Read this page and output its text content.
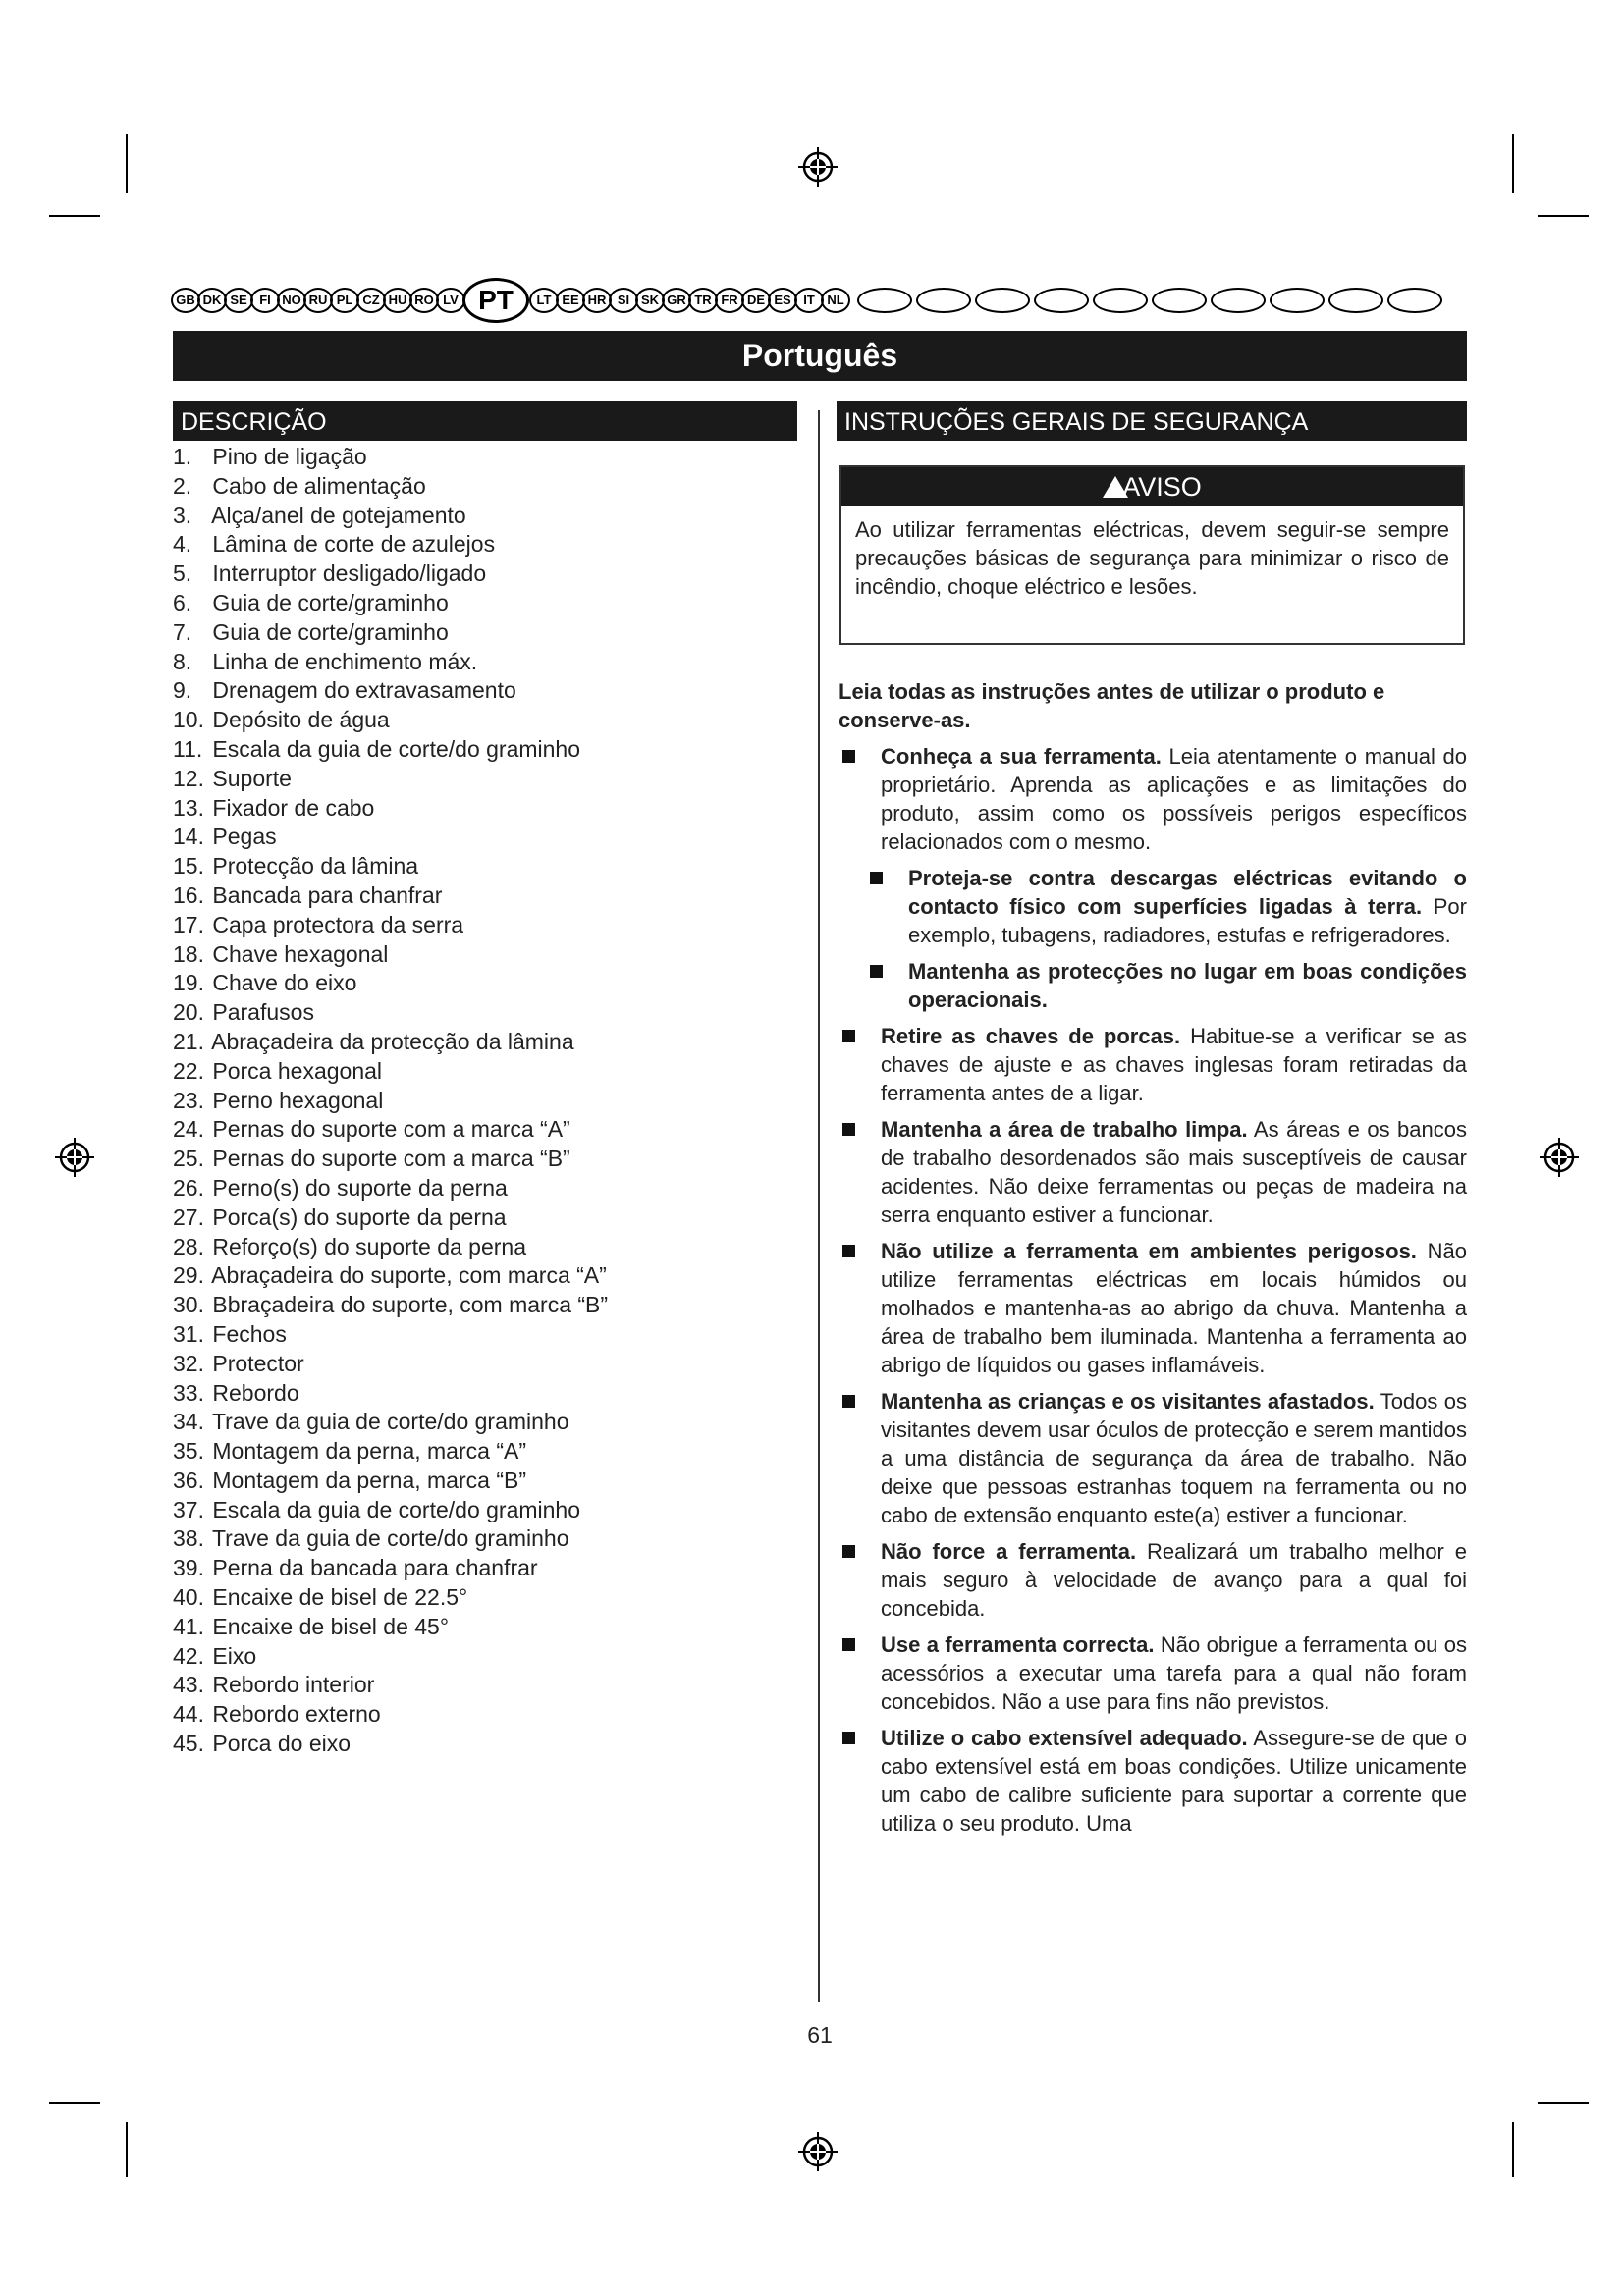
GB DK SE FI NO RU PL CZ HU RO LV PT	LT EE HR SI SK GR TR FR DE ES IT NL
Português
DESCRIÇÃO	INSTRUÇÕES GERAIS DE SEGURANÇA
1. Pino de ligação
2. Cabo de alimentação
3. Alça/anel de gotejamento
4. Lâmina de corte de azulejos
5. Interruptor desligado/ligado
6. Guia de corte/graminho
7. Guia de corte/graminho
8. Linha de enchimento máx.
9. Drenagem do extravasamento
10. Depósito de água
11. Escala da guia de corte/do graminho
12. Suporte
13. Fixador de cabo
14. Pegas
15. Protecção da lâmina
16. Bancada para chanfrar
17. Capa protectora da serra
18. Chave hexagonal
19. Chave do eixo
20. Parafusos
21. Abraçadeira da protecção da lâmina
22. Porca hexagonal
23. Perno hexagonal
24. Pernas do suporte com a marca “A”
25. Pernas do suporte com a marca “B”
26. Perno(s) do suporte da perna
27. Porca(s) do suporte da perna
28. Reforço(s) do suporte da perna
29. Abraçadeira do suporte, com marca “A”
30. Bbraçadeira do suporte, com marca “B”
31. Fechos
32. Protector
33. Rebordo
34. Trave da guia de corte/do graminho
35. Montagem da perna, marca “A”
36. Montagem da perna, marca “B”
37. Escala da guia de corte/do graminho
38. Trave da guia de corte/do graminho
39. Perna da bancada para chanfrar
40. Encaixe de bisel de 22.5°
41. Encaixe de bisel de 45°
42. Eixo
43. Rebordo interior
44. Rebordo externo
45. Porca do eixo
AVISO
Ao utilizar ferramentas eléctricas, devem seguir-se sempre precauções básicas de segurança para minimizar o risco de incêndio, choque eléctrico e lesões.

Leia todas as instruções antes de utilizar o produto e conserve-as.

Conheça a sua ferramenta. Leia atentamente o manual do proprietário. Aprenda as aplicações e as limitações do produto, assim como os possíveis perigos específicos relacionados com o mesmo.
Proteja-se contra descargas eléctricas evitando o contacto físico com superfícies ligadas à terra. Por exemplo, tubagens, radiadores, estufas e refrigeradores.
Mantenha as protecções no lugar em boas condições operacionais.
Retire as chaves de porcas. Habitue-se a verificar se as chaves de ajuste e as chaves inglesas foram retiradas da ferramenta antes de a ligar.
Mantenha a área de trabalho limpa. As áreas e os bancos de trabalho desordenados são mais susceptíveis de causar acidentes. Não deixe ferramentas ou peças de madeira na serra enquanto estiver a funcionar.
Não utilize a ferramenta em ambientes perigosos. Não utilize ferramentas eléctricas em locais húmidos ou molhados e mantenha-as ao abrigo da chuva. Mantenha a área de trabalho bem iluminada. Mantenha a ferramenta ao abrigo de líquidos ou gases inflamáveis.
Mantenha as crianças e os visitantes afastados. Todos os visitantes devem usar óculos de protecção e serem mantidos a uma distância de segurança da área de trabalho. Não deixe que pessoas estranhas toquem na ferramenta ou no cabo de extensão enquanto este(a) estiver a funcionar.
Não force a ferramenta. Realizará um trabalho melhor e mais seguro à velocidade de avanço para a qual foi concebida.
Use a ferramenta correcta. Não obrigue a ferramenta ou os acessórios a executar uma tarefa para a qual não foram concebidos. Não a use para fins não previstos.
Utilize o cabo extensível adequado. Assegure-se de que o cabo extensível está em boas condições. Utilize unicamente um cabo de calibre suficiente para suportar a corrente que utiliza o seu produto. Uma
61
